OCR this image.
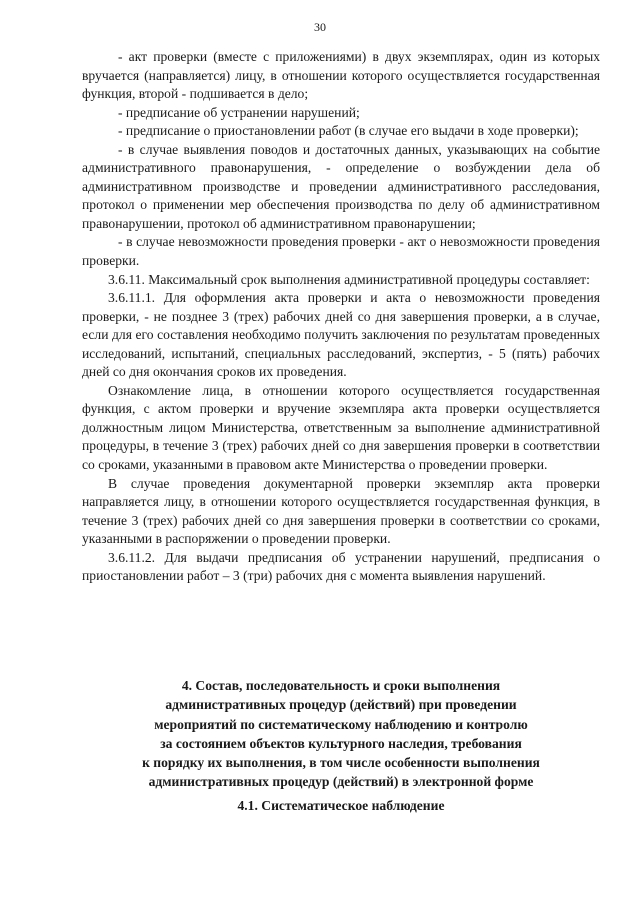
30

- акт проверки (вместе с приложениями) в двух экземплярах, один из которых вручается (направляется) лицу, в отношении которого осуществляется государственная функция, второй - подшивается в дело;

- предписание об устранении нарушений;

- предписание о приостановлении работ (в случае его выдачи в ходе проверки);

- в случае выявления поводов и достаточных данных, указывающих на событие административного правонарушения, - определение о возбуждении дела об административном производстве и проведении административного расследования, протокол о применении мер обеспечения производства по делу об административном правонарушении, протокол об административном правонарушении;

- в случае невозможности проведения проверки - акт о невозможности проведения проверки.

3.6.11. Максимальный срок выполнения административной процедуры составляет:

3.6.11.1. Для оформления акта проверки и акта о невозможности проведения проверки, - не позднее 3 (трех) рабочих дней со дня завершения проверки, а в случае, если для его составления необходимо получить заключения по результатам проведенных исследований, испытаний, специальных расследований, экспертиз, - 5 (пять) рабочих дней со дня окончания сроков их проведения.

Ознакомление лица, в отношении которого осуществляется государственная функция, с актом проверки и вручение экземпляра акта проверки осуществляется должностным лицом Министерства, ответственным за выполнение административной процедуры, в течение 3 (трех) рабочих дней со дня завершения проверки в соответствии со сроками, указанными в правовом акте Министерства о проведении проверки.

В случае проведения документарной проверки экземпляр акта проверки направляется лицу, в отношении которого осуществляется государственная функция, в течение 3 (трех) рабочих дней со дня завершения проверки в соответствии со сроками, указанными в распоряжении о проведении проверки.

3.6.11.2. Для выдачи предписания об устранении нарушений, предписания о приостановлении работ – 3 (три) рабочих дня с момента выявления нарушений.

4. Состав, последовательность и сроки выполнения
административных процедур (действий) при проведении
мероприятий по систематическому наблюдению и контролю
за состоянием объектов культурного наследия, требования
к порядку их выполнения, в том числе особенности выполнения
административных процедур (действий) в электронной форме
4.1. Систематическое наблюдение
